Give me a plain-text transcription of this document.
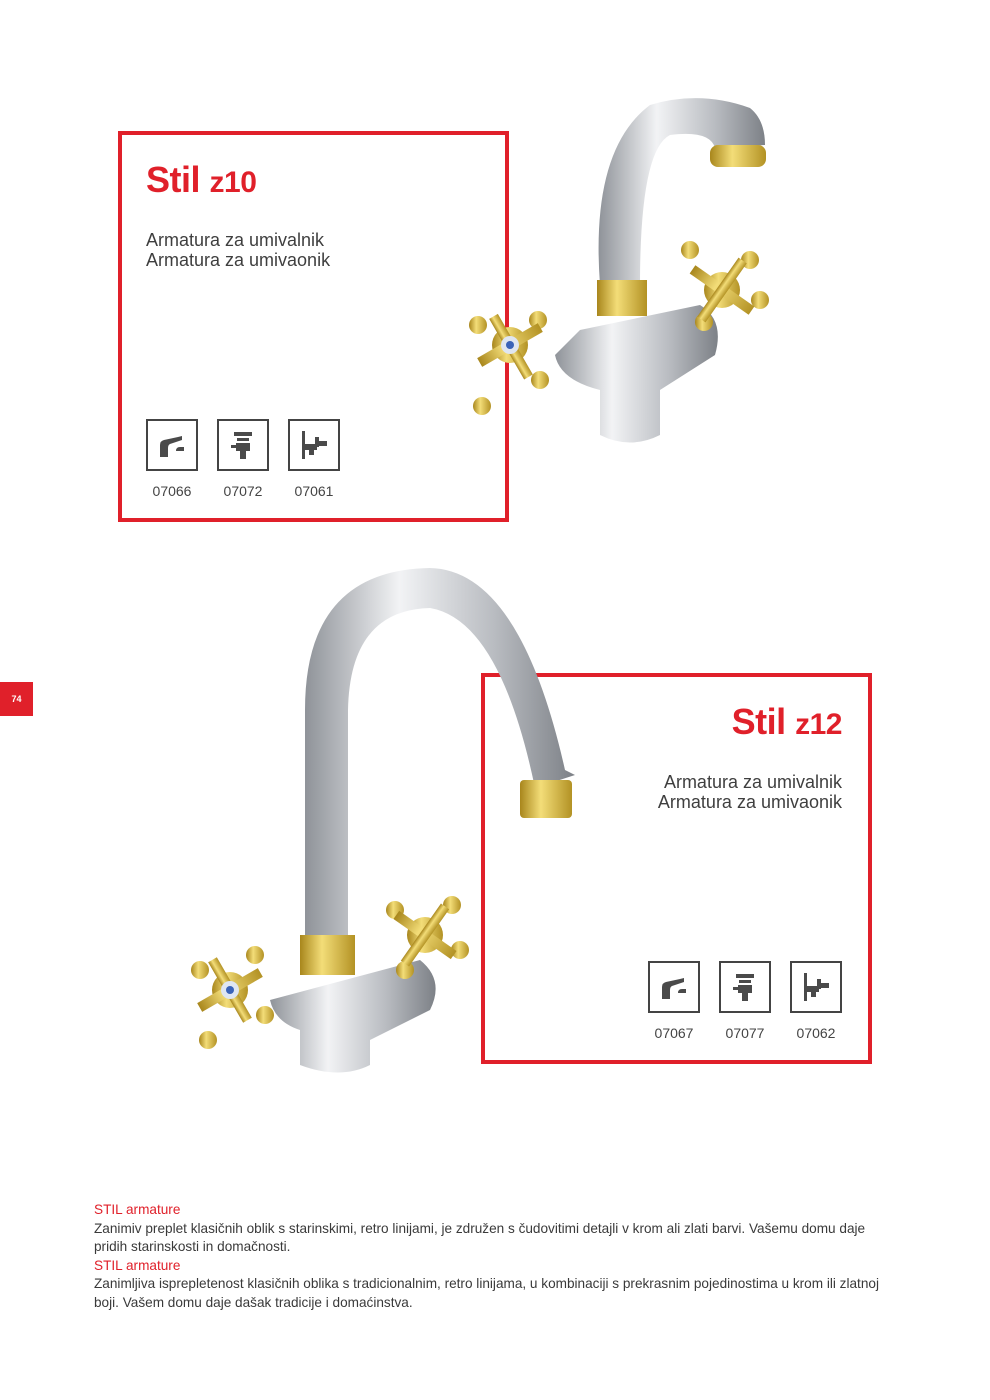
74
Stil z10
Armatura za umivalnik
Armatura za umivaonik
07066 07072 07061
Stil z12
Armatura za umivalnik
Armatura za umivaonik
07067 07077 07062

STIL armature

Zanimiv preplet klasičnih oblik s starinskimi, retro linijami, je združen s čudovitimi detajli v krom ali zlati barvi. Vašemu domu daje pridih starinskosti in domačnosti.

STIL armature

Zanimljiva isprepletenost klasičnih oblika s tradicionalnim, retro linijama, u kombinaciji s prekrasnim pojedinostima u krom ili zlatnoj boji. Vašem domu daje dašak tradicije i domaćinstva.
